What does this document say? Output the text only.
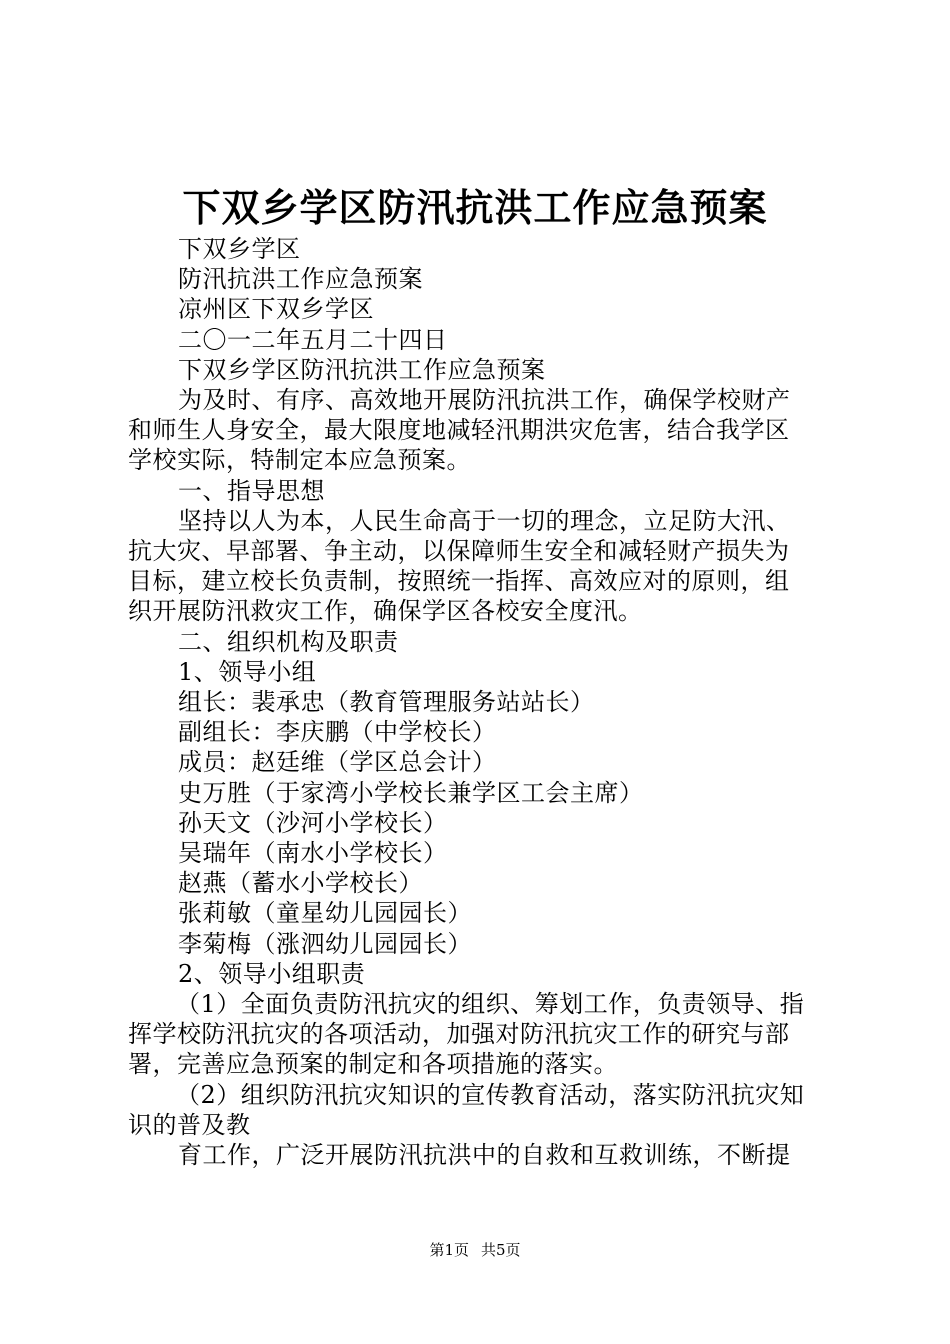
下双乡学区防汛抗洪工作应急预案

下双乡学区

防汛抗洪工作应急预案

凉州区下双乡学区

二〇一二年五月二十四日

下双乡学区防汛抗洪工作应急预案

为及时、有序、高效地开展防汛抗洪工作，确保学校财产

和师生人身安全，最大限度地减轻汛期洪灾危害，结合我学区

学校实际，特制定本应急预案。

一、指导思想

坚持以人为本，人民生命高于一切的理念，立足防大汛、

抗大灾、早部署、争主动，以保障师生安全和减轻财产损失为

目标，建立校长负责制，按照统一指挥、高效应对的原则，组

织开展防汛救灾工作，确保学区各校安全度汛。

二、组织机构及职责

1、领导小组

组长：裴承忠（教育管理服务站站长）

副组长：李庆鹏（中学校长）

成员：赵廷维（学区总会计）

史万胜（于家湾小学校长兼学区工会主席）

孙天文（沙河小学校长）

吴瑞年（南水小学校长）

赵燕（蓄水小学校长）

张莉敏（童星幼儿园园长）

李菊梅（涨泗幼儿园园长）

2、领导小组职责

（1）全面负责防汛抗灾的组织、筹划工作，负责领导、指

挥学校防汛抗灾的各项活动，加强对防汛抗灾工作的研究与部

署，完善应急预案的制定和各项措施的落实。

（2）组织防汛抗灾知识的宣传教育活动，落实防汛抗灾知

识的普及教

育工作，广泛开展防汛抗洪中的自救和互救训练，不断提

第1页 共5页
